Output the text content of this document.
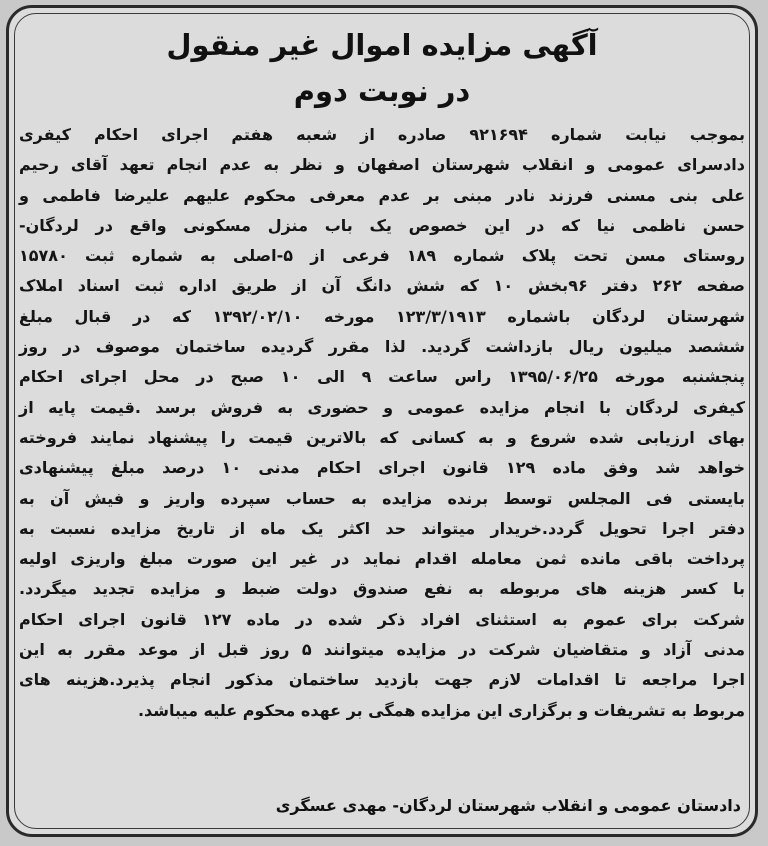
آگهی مزایده اموال غیر منقول
در نوبت دوم
بموجب نیابت شماره ۹۲۱۶۹۴ صادره از شعبه هفتم اجرای احکام کیفری
دادسرای عمومی و انقلاب شهرستان اصفهان و نظر به عدم انجام تعهد آقای رحیم
علی بنی مسنی فرزند نادر مبنی بر عدم معرفی محکوم علیهم علیرضا فاطمی و
حسن ناظمی نیا که در این خصوص یک باب منزل مسکونی واقع در لردگان-
روستای مسن تحت پلاک شماره ۱۸۹ فرعی از ۵-اصلی به شماره ثبت ۱۵۷۸۰
صفحه ۲۶۲ دفتر ۹۶بخش ۱۰ که شش دانگ آن از طریق اداره ثبت اسناد املاک
شهرستان لردگان باشماره ۱۲۳/۳/۱۹۱۳ مورخه ۱۳۹۲/۰۲/۱۰ که در قبال مبلغ
ششصد میلیون ریال بازداشت گردید. لذا مقرر گردیده ساختمان موصوف در روز
پنجشنبه مورخه ۱۳۹۵/۰۶/۲۵ راس ساعت ۹ الی ۱۰ صبح در محل اجرای احکام
کیفری لردگان با انجام مزایده عمومی و حضوری به فروش برسد .قیمت پایه از
بهای ارزیابی شده شروع و به کسانی که بالاترین قیمت را پیشنهاد نمایند فروخته
خواهد شد وفق ماده ۱۲۹ قانون اجرای احکام مدنی ۱۰ درصد مبلغ پیشنهادی
بایستی فی المجلس توسط برنده مزایده به حساب سپرده واریز و فیش آن به
دفتر اجرا تحویل گردد.خریدار میتواند حد اکثر یک ماه از تاریخ مزایده نسبت به
پرداخت باقی مانده ثمن معامله اقدام نماید در غیر این صورت مبلغ واریزی اولیه
با کسر هزینه های مربوطه به نفع صندوق دولت ضبط و مزایده تجدید میگردد.
شرکت برای عموم به استثنای افراد ذکر شده در ماده ۱۲۷ قانون اجرای احکام
مدنی آزاد و متقاضیان شرکت در مزایده میتوانند ۵ روز قبل از موعد مقرر به این
اجرا مراجعه تا اقدامات لازم جهت بازدید ساختمان مذکور انجام پذیرد.هزینه های
مربوط به تشریفات و برگزاری این مزایده همگی بر عهده محکوم علیه میباشد.
دادستان عمومی و انقلاب شهرستان لردگان- مهدی عسگری
